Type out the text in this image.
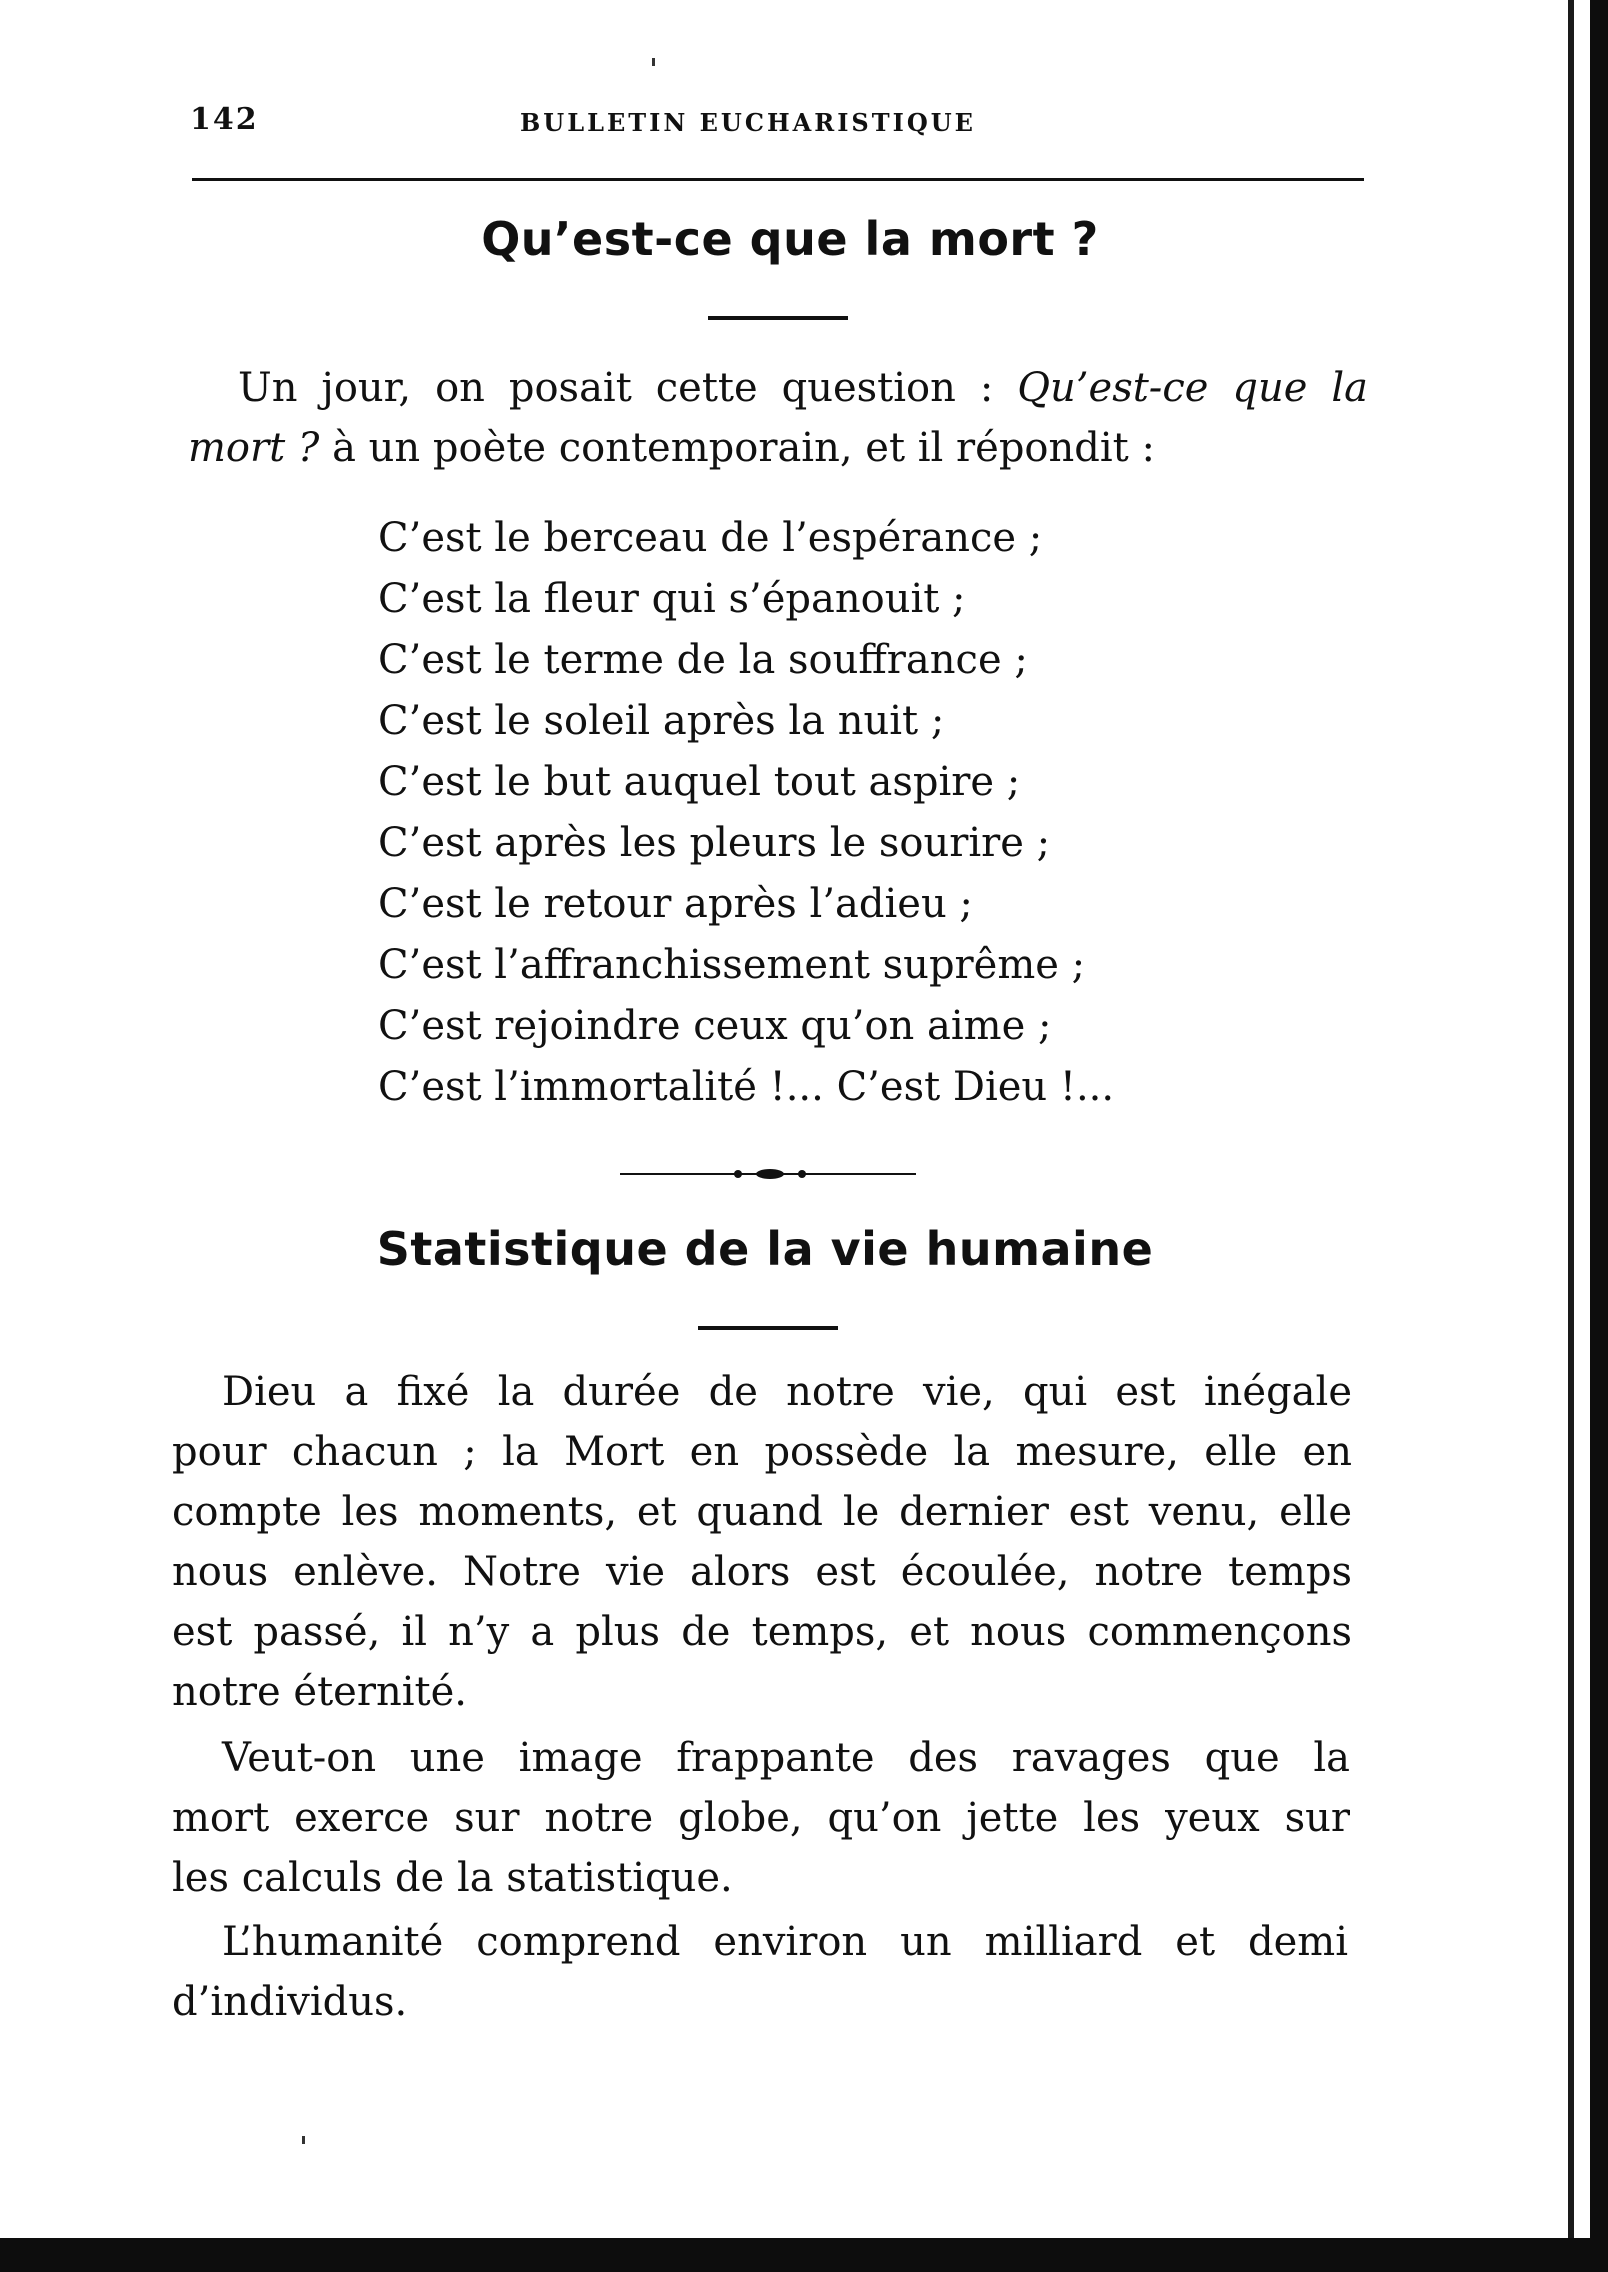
142	BULLETIN EUCHARISTIQUE
Qu’est-ce que la mort ?
Un jour, on posait cette question : Qu’est-ce que la
mort ? à un poète contemporain, et il répondit :
C’est le berceau de l’espérance ;
C’est la fleur qui s’épanouit ;
C’est le terme de la souffrance ;
C’est le soleil après la nuit ;
C’est le but auquel tout aspire ;
C’est après les pleurs le sourire ;
C’est le retour après l’adieu ;
C’est l’affranchissement suprême ;
C’est rejoindre ceux qu’on aime ;
C’est l’immortalité !... C’est Dieu !...
Statistique de la vie humaine
Dieu a fixé la durée de notre vie, qui est inégale
pour chacun ; la Mort en possède la mesure, elle en
compte les moments, et quand le dernier est venu, elle
nous enlève. Notre vie alors est écoulée, notre temps
est passé, il n’y a plus de temps, et nous commençons
notre éternité.
Veut-on une image frappante des ravages que la
mort exerce sur notre globe, qu’on jette les yeux sur
les calculs de la statistique.
L’humanité comprend environ un milliard et demi
d’individus.
